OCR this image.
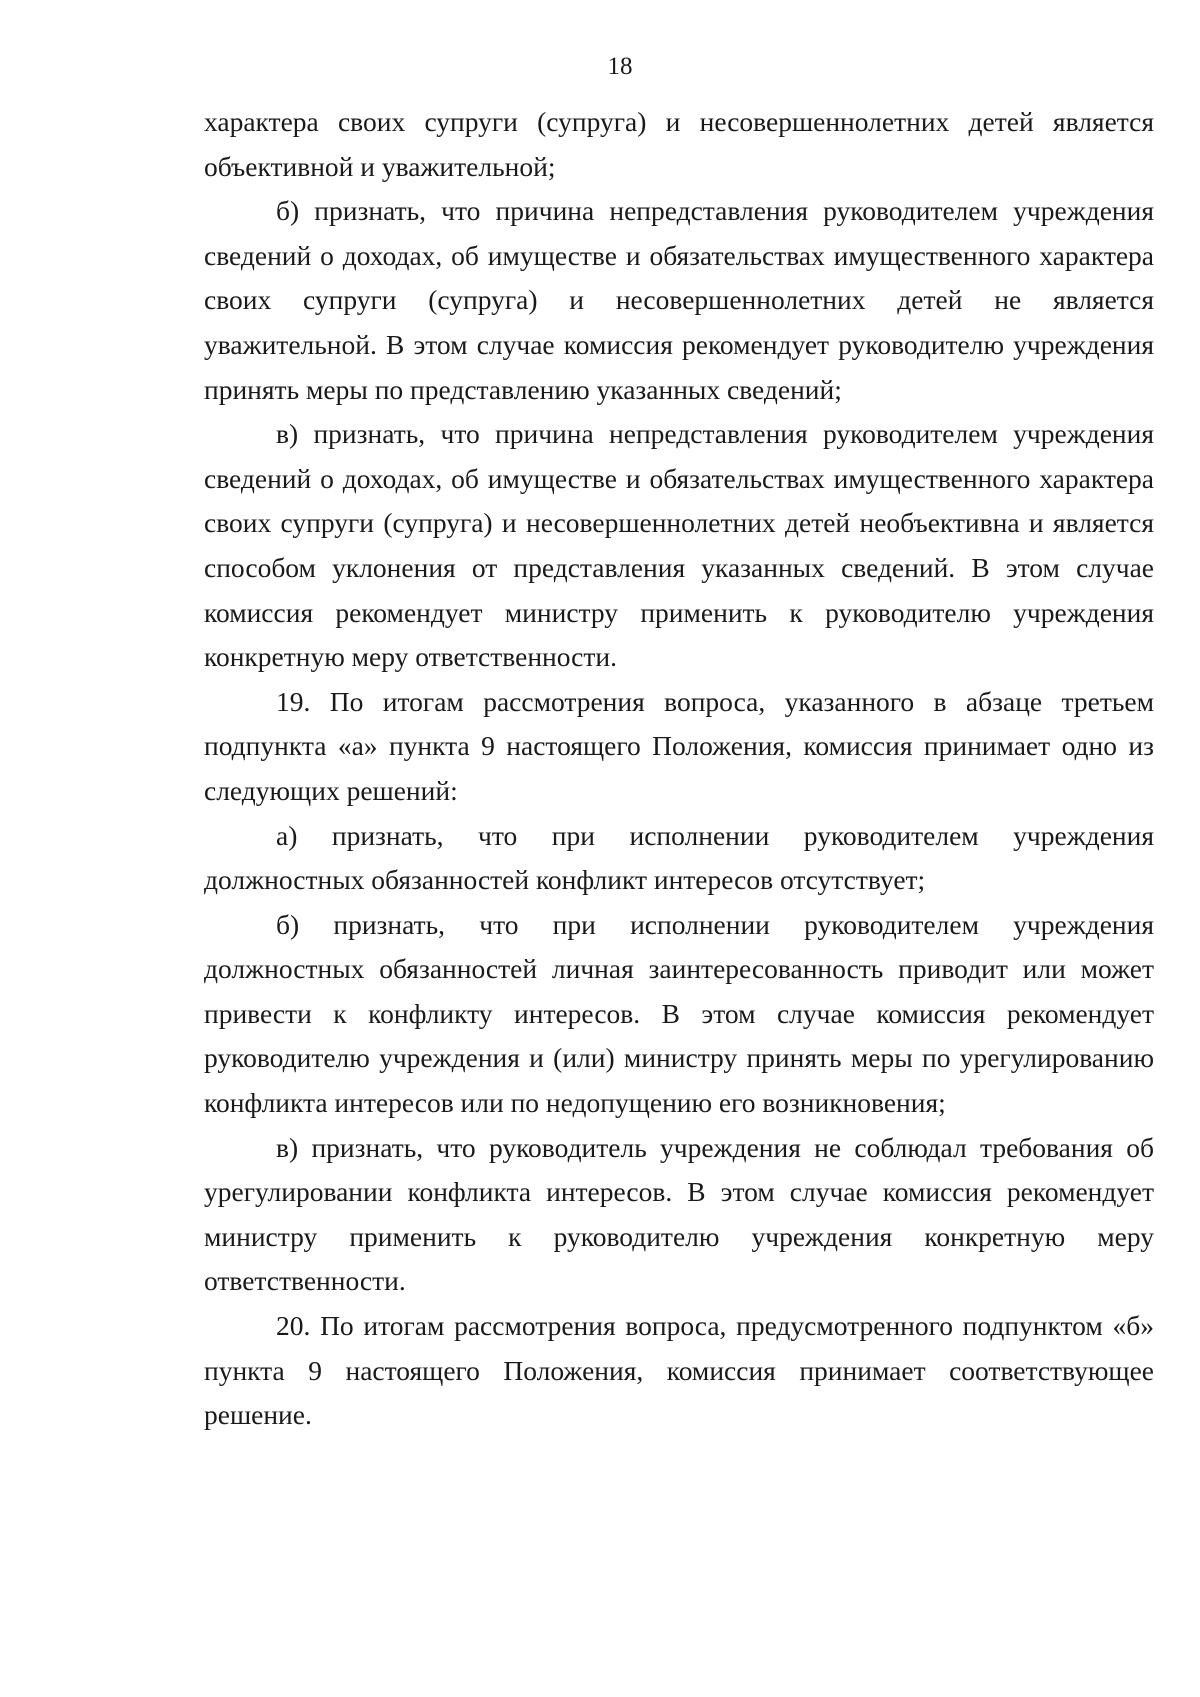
18

характера своих супруги (супруга) и несовершеннолетних детей является объективной и уважительной;

б) признать, что причина непредставления руководителем учреждения сведений о доходах, об имуществе и обязательствах имущественного характера своих супруги (супруга) и несовершеннолетних детей не является уважительной. В этом случае комиссия рекомендует руководителю учреждения принять меры по представлению указанных сведений;

в) признать, что причина непредставления руководителем учреждения сведений о доходах, об имуществе и обязательствах имущественного характера своих супруги (супруга) и несовершеннолетних детей необъективна и является способом уклонения от представления указанных сведений. В этом случае комиссия рекомендует министру применить к руководителю учреждения конкретную меру ответственности.

19. По итогам рассмотрения вопроса, указанного в абзаце третьем подпункта «а» пункта 9 настоящего Положения, комиссия принимает одно из следующих решений:

а) признать, что при исполнении руководителем учреждения должностных обязанностей конфликт интересов отсутствует;

б) признать, что при исполнении руководителем учреждения должностных обязанностей личная заинтересованность приводит или может привести к конфликту интересов. В этом случае комиссия рекомендует руководителю учреждения и (или) министру принять меры по урегулированию конфликта интересов или по недопущению его возникновения;

в) признать, что руководитель учреждения не соблюдал требования об урегулировании конфликта интересов. В этом случае комиссия рекомендует министру применить к руководителю учреждения конкретную меру ответственности.

20. По итогам рассмотрения вопроса, предусмотренного подпунктом «б» пункта 9 настоящего Положения, комиссия принимает соответствующее решение.
